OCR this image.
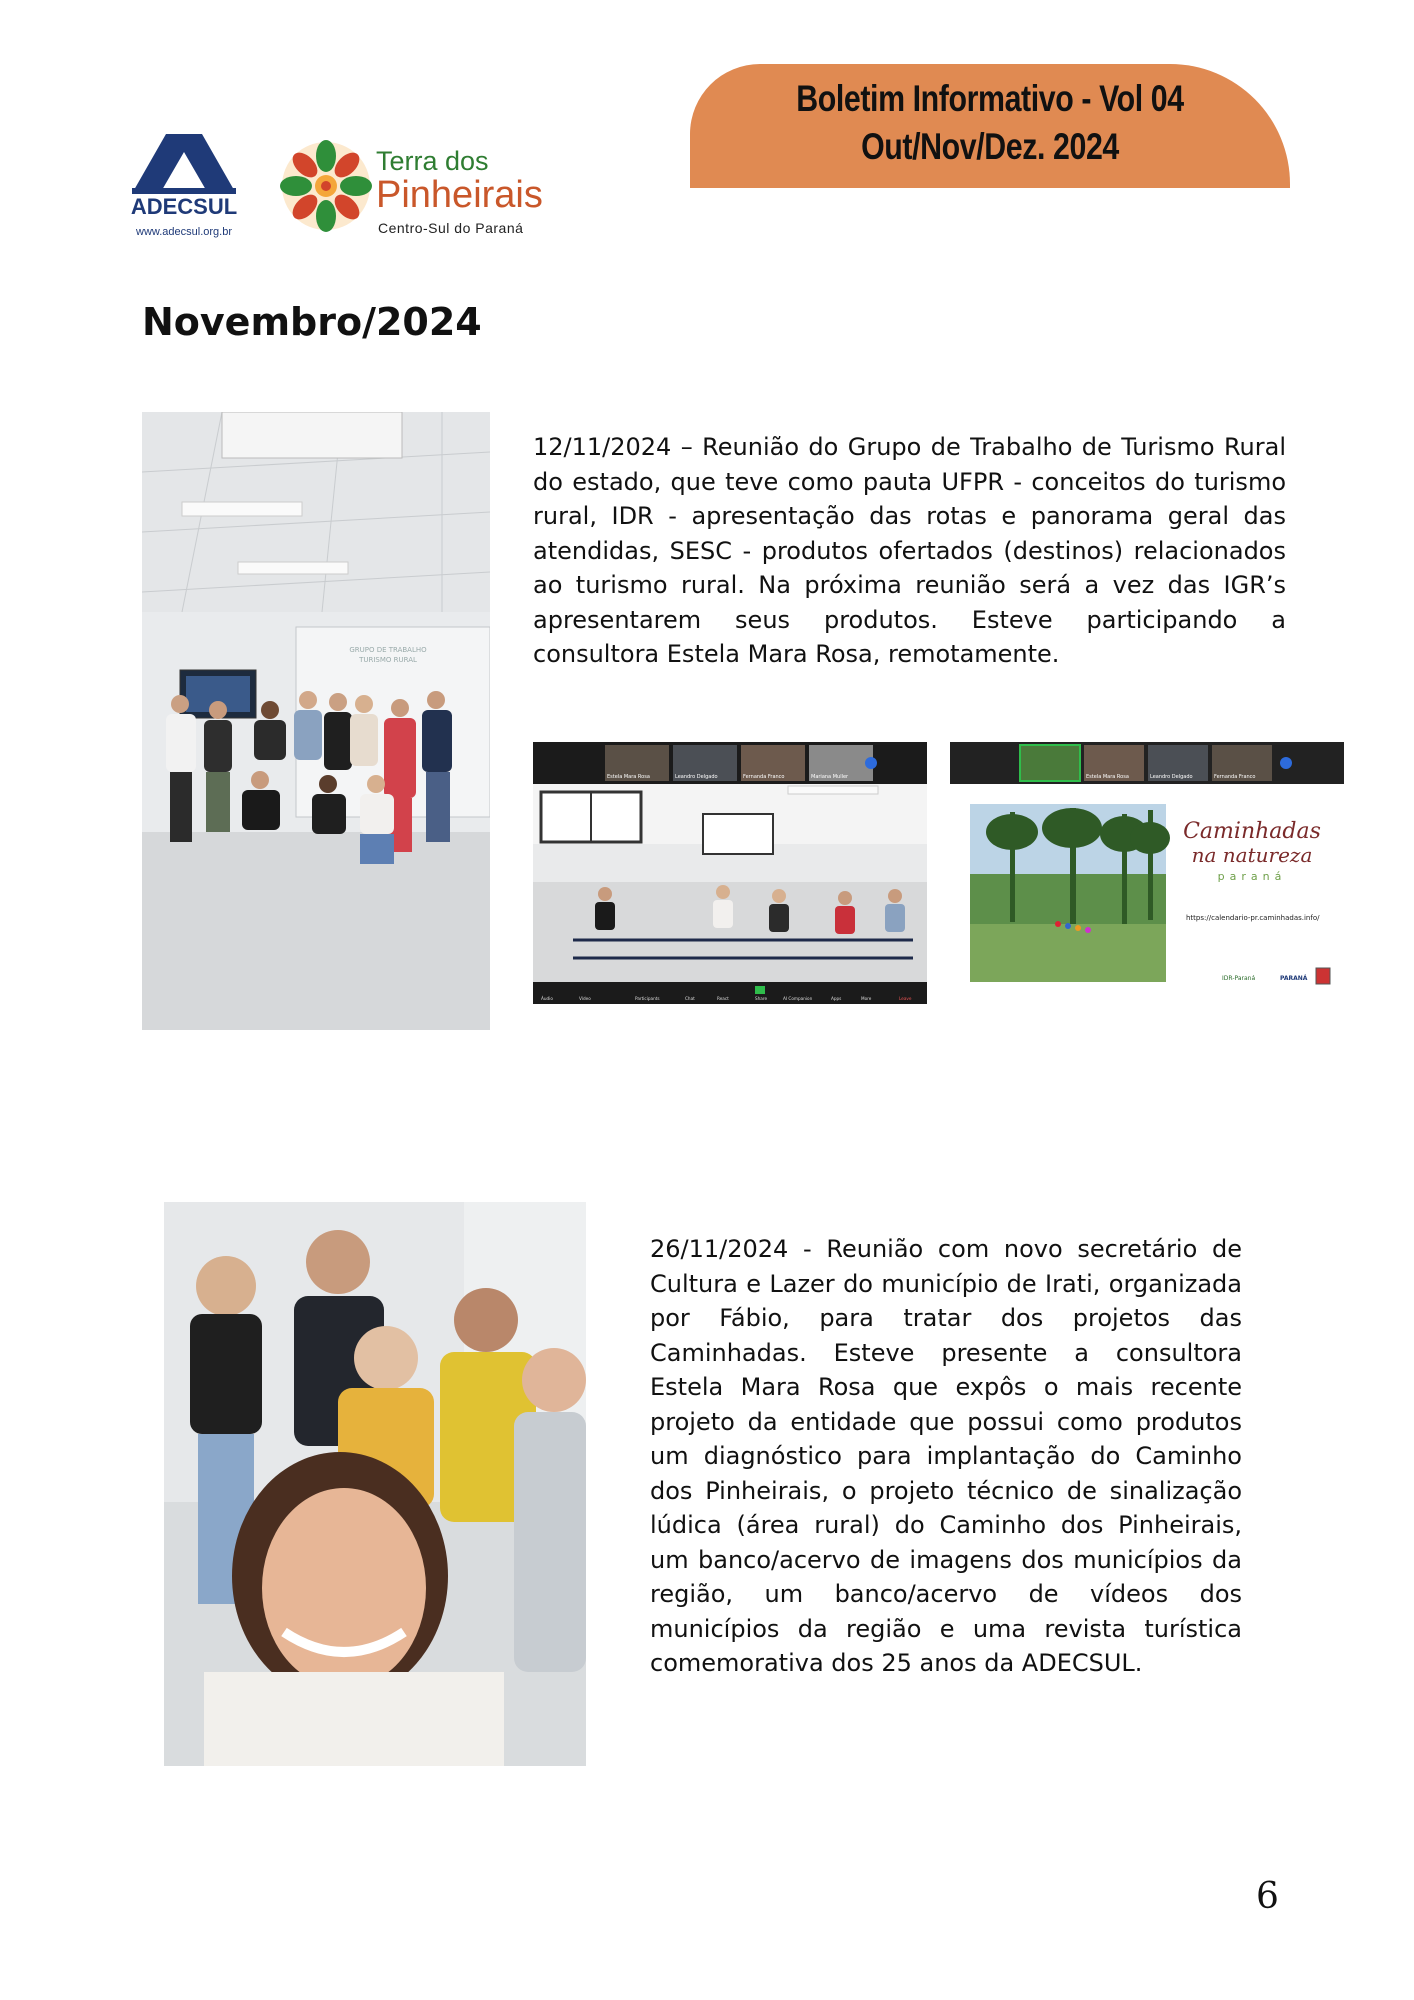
Boletim Informativo - Vol 04
Out/Nov/Dez. 2024
ADECSUL
www.adecsul.org.br
Terra dos
Pinheirais
Centro-Sul do Paraná
Novembro/2024
GRUPO DE TRABALHO
TURISMO RURAL
12/11/2024 – Reunião do Grupo de Trabalho de Turismo Rural do estado, que teve como pauta UFPR - conceitos do turismo rural, IDR - apresentação das rotas e panorama geral das atendidas, SESC - produtos ofertados (destinos) relacionados ao turismo rural. Na próxima reunião será a vez das IGR’s apresentarem seus produtos. Esteve participando a consultora Estela Mara Rosa, remotamente.
Estela Mara Rosa	Leandro Delgado	Fernanda Franco	Mariana Muller
Áudio	Vídeo	Participants	Chat	React	Share	AI Companion	Apps	More	Leave
Estela Mara Rosa	Leandro Delgado	Fernanda Franco
Caminhadas
na natureza
paraná
https://calendario-pr.caminhadas.info/
IDR-Paraná	PARANÁ
26/11/2024 - Reunião com novo secretário de Cultura e Lazer do município de Irati, organizada por Fábio, para tratar dos projetos das Caminhadas. Esteve presente a consultora Estela Mara Rosa que expôs o mais recente projeto da entidade que possui como produtos um diagnóstico para implantação do Caminho dos Pinheirais, o projeto técnico de sinalização lúdica (área rural) do Caminho dos Pinheirais, um banco/acervo de imagens dos municípios da região, um banco/acervo de vídeos dos municípios da região e uma revista turística comemorativa dos 25 anos da ADECSUL.
6
